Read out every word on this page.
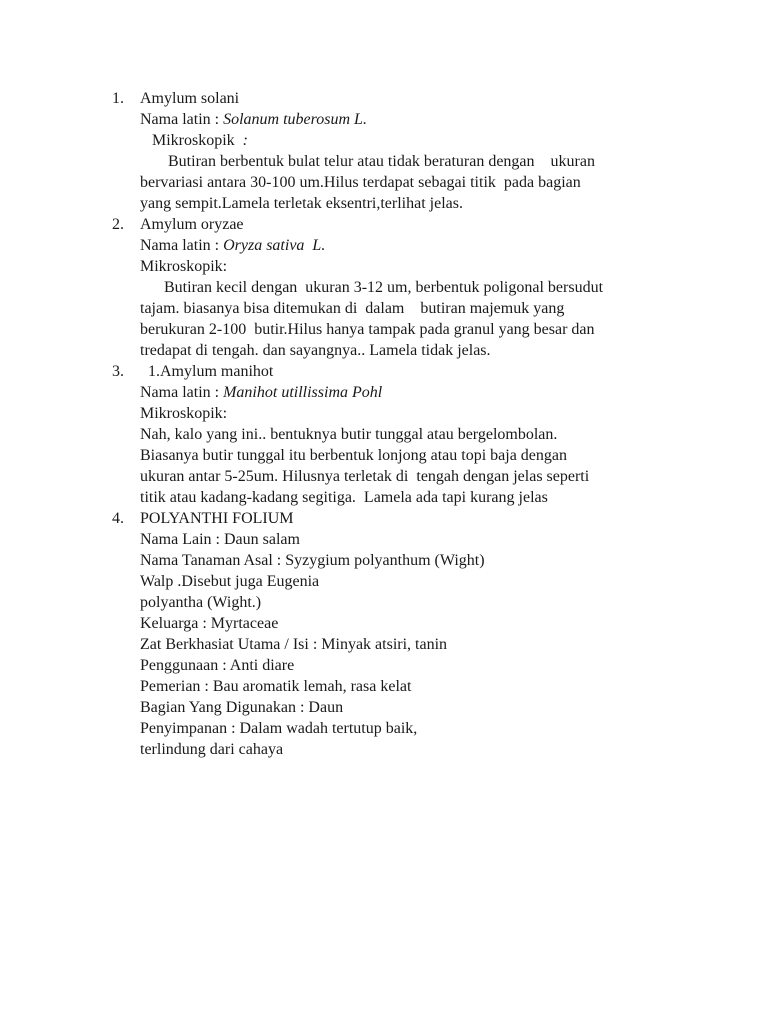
1.	Amylum solani
Nama latin : Solanum tuberosum L.
Mikroskopik  :
Butiran berbentuk bulat telur atau tidak beraturan dengan    ukuran
bervariasi antara 30-100 um.Hilus terdapat sebagai titik  pada bagian
yang sempit.Lamela terletak eksentri,terlihat jelas.
2.	Amylum oryzae
Nama latin : Oryza sativa  L.
Mikroskopik:
Butiran kecil dengan  ukuran 3-12 um, berbentuk poligonal bersudut
tajam. biasanya bisa ditemukan di  dalam    butiran majemuk yang
berukuran 2-100  butir.Hilus hanya tampak pada granul yang besar dan
tredapat di tengah. dan sayangnya.. Lamela tidak jelas.
3.	1.Amylum manihot
Nama latin : Manihot utillissima Pohl
Mikroskopik:
Nah, kalo yang ini.. bentuknya butir tunggal atau bergelombolan.
Biasanya butir tunggal itu berbentuk lonjong atau topi baja dengan
ukuran antar 5-25um. Hilusnya terletak di  tengah dengan jelas seperti
titik atau kadang-kadang segitiga.  Lamela ada tapi kurang jelas
4.	POLYANTHI FOLIUM
Nama Lain : Daun salam
Nama Tanaman Asal : Syzygium polyanthum (Wight)
Walp .Disebut juga Eugenia
polyantha (Wight.)
Keluarga : Myrtaceae
Zat Berkhasiat Utama / Isi : Minyak atsiri, tanin
Penggunaan : Anti diare
Pemerian : Bau aromatik lemah, rasa kelat
Bagian Yang Digunakan : Daun
Penyimpanan : Dalam wadah tertutup baik,
terlindung dari cahaya
